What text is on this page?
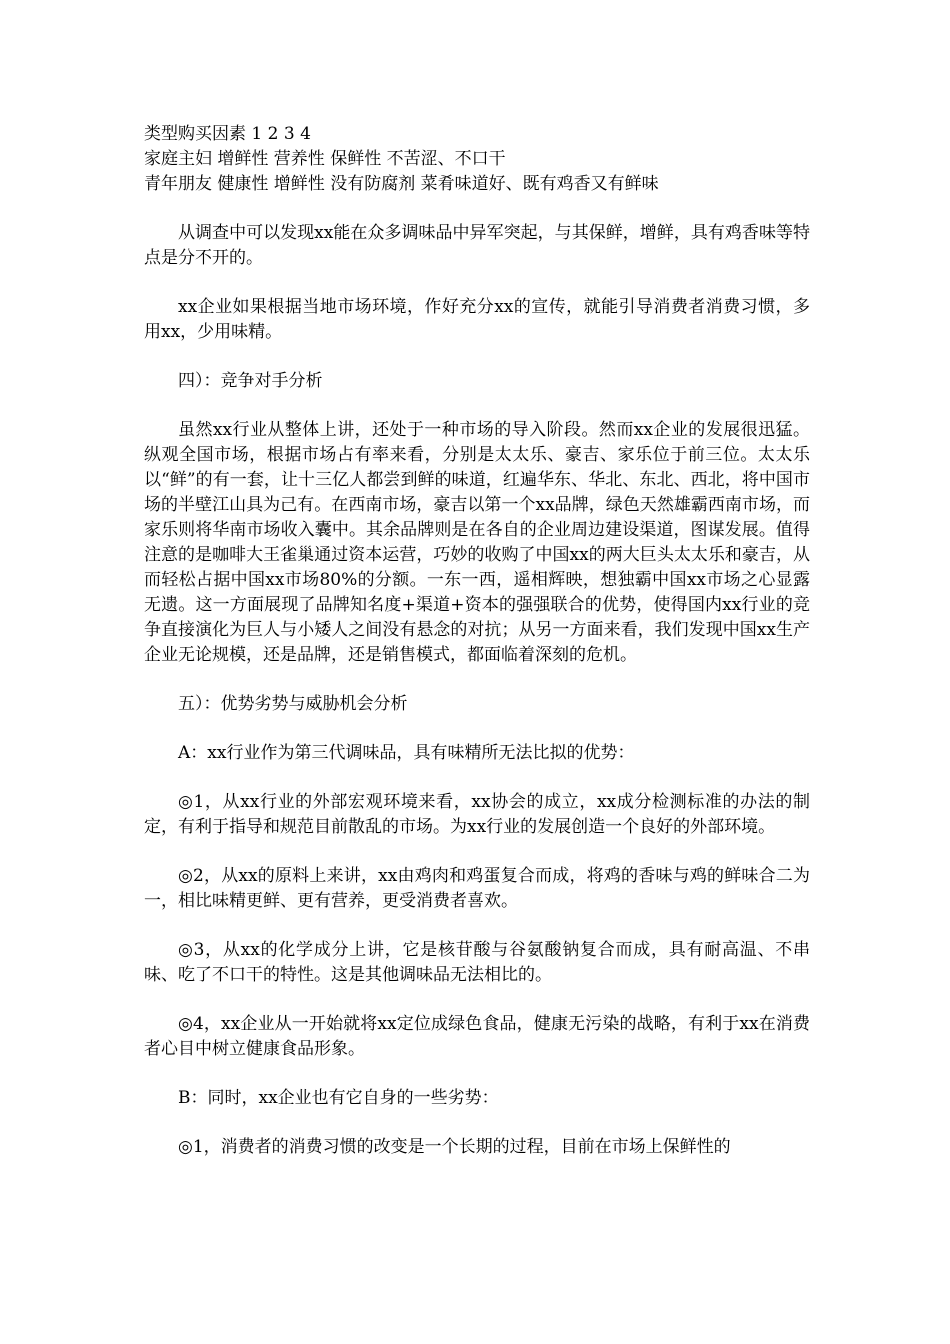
类型购买因素 1 2 3 4
家庭主妇 增鲜性 营养性 保鲜性 不苦涩、不口干
青年朋友 健康性 增鲜性 没有防腐剂 菜肴味道好、既有鸡香又有鲜味

从调查中可以发现xx能在众多调味品中异军突起，与其保鲜，增鲜，具有鸡香味等特点是分不开的。

xx企业如果根据当地市场环境，作好充分xx的宣传，就能引导消费者消费习惯，多用xx，少用味精。

四）：竞争对手分析

虽然xx行业从整体上讲，还处于一种市场的导入阶段。然而xx企业的发展很迅猛。纵观全国市场，根据市场占有率来看，分别是太太乐、豪吉、家乐位于前三位。太太乐以“鲜”的有一套，让十三亿人都尝到鲜的味道，红遍华东、华北、东北、西北，将中国市场的半壁江山具为己有。在西南市场，豪吉以第一个xx品牌，绿色天然雄霸西南市场，而家乐则将华南市场收入囊中。其余品牌则是在各自的企业周边建设渠道，图谋发展。值得注意的是咖啡大王雀巢通过资本运营，巧妙的收购了中国xx的两大巨头太太乐和豪吉，从而轻松占据中国xx市场80%的分额。一东一西，遥相辉映，想独霸中国xx市场之心显露无遗。这一方面展现了品牌知名度+渠道+资本的强强联合的优势，使得国内xx行业的竞争直接演化为巨人与小矮人之间没有悬念的对抗；从另一方面来看，我们发现中国xx生产企业无论规模，还是品牌，还是销售模式，都面临着深刻的危机。

五）：优势劣势与威胁机会分析

A：xx行业作为第三代调味品，具有味精所无法比拟的优势：

◎1，从xx行业的外部宏观环境来看，xx协会的成立，xx成分检测标准的办法的制定，有利于指导和规范目前散乱的市场。为xx行业的发展创造一个良好的外部环境。

◎2，从xx的原料上来讲，xx由鸡肉和鸡蛋复合而成，将鸡的香味与鸡的鲜味合二为一，相比味精更鲜、更有营养，更受消费者喜欢。

◎3，从xx的化学成分上讲，它是核苷酸与谷氨酸钠复合而成，具有耐高温、不串味、吃了不口干的特性。这是其他调味品无法相比的。

◎4，xx企业从一开始就将xx定位成绿色食品，健康无污染的战略，有利于xx在消费者心目中树立健康食品形象。

B：同时，xx企业也有它自身的一些劣势：

◎1，消费者的消费习惯的改变是一个长期的过程，目前在市场上保鲜性的
